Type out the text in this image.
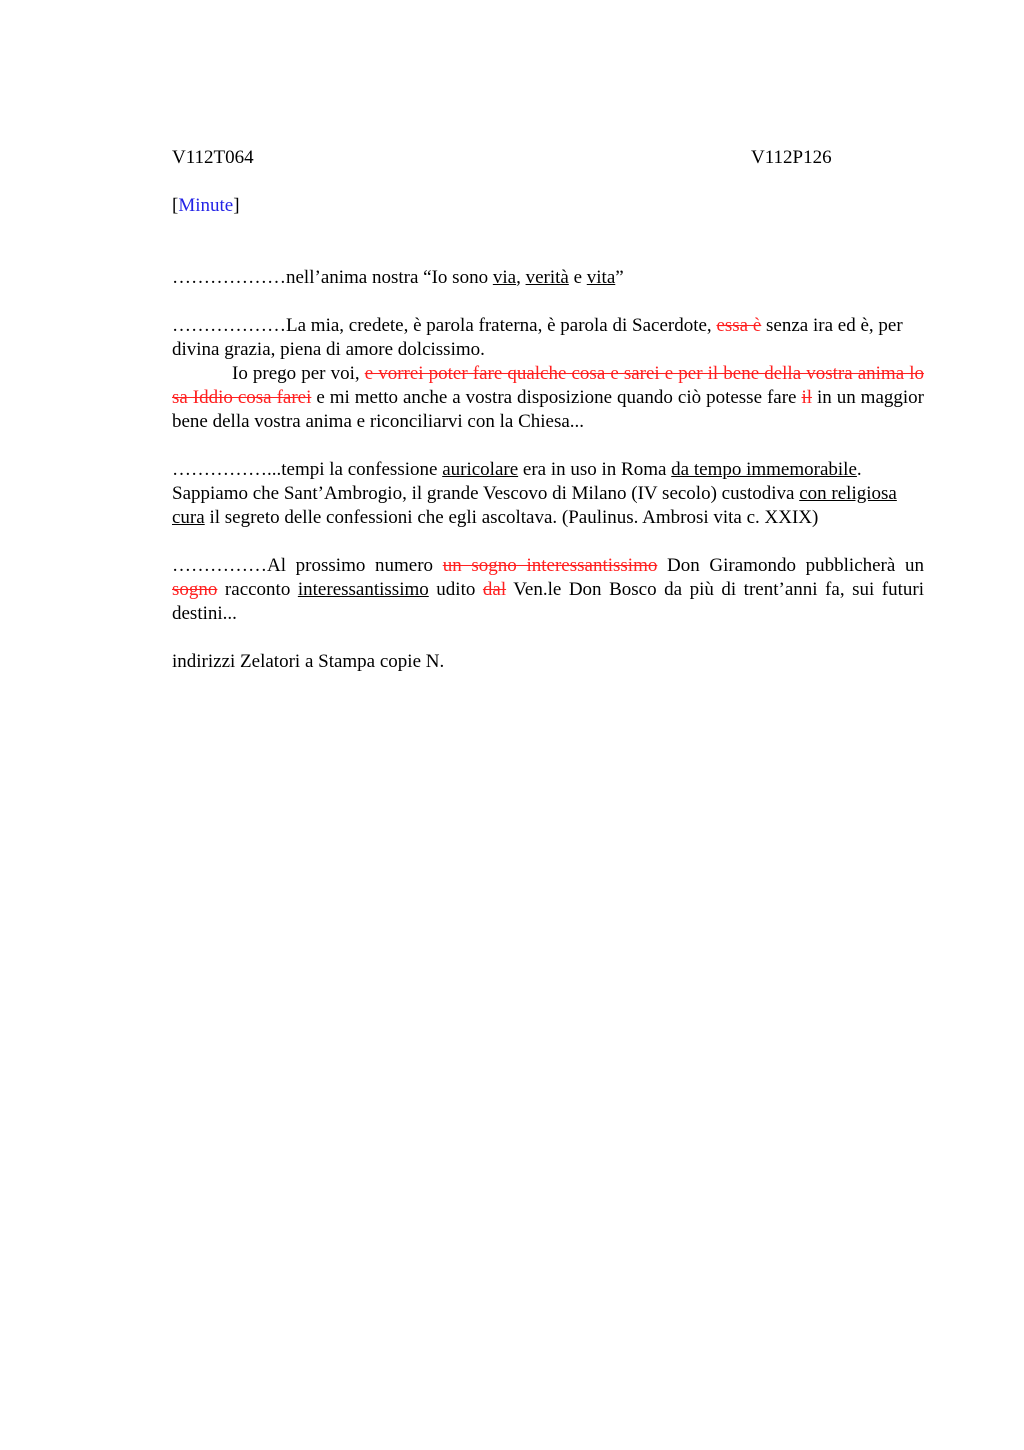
V112T064	V112P126
[Minute]

………………nell’anima nostra “Io sono via, verità e vita”

………………La mia, credete, è parola fraterna, è parola di Sacerdote, essa è senza ira ed è, per divina grazia, piena di amore dolcissimo.

Io prego per voi, e vorrei poter fare qualche cosa e sarei e per il bene della vostra anima lo sa Iddio cosa farei e mi metto anche a vostra disposizione quando ciò potesse fare il in un maggior bene della vostra anima e riconciliarvi con la Chiesa...

……………...tempi la confessione auricolare era in uso in Roma da tempo immemorabile. Sappiamo che Sant’Ambrogio, il grande Vescovo di Milano (IV secolo) custodiva con religiosa cura il segreto delle confessioni che egli ascoltava. (Paulinus. Ambrosi vita c. XXIX)

……………Al prossimo numero un sogno interessantissimo Don Giramondo pubblicherà un sogno racconto interessantissimo udito dal Ven.le Don Bosco da più di trent’anni fa, sui futuri destini...

indirizzi Zelatori a Stampa copie N.
